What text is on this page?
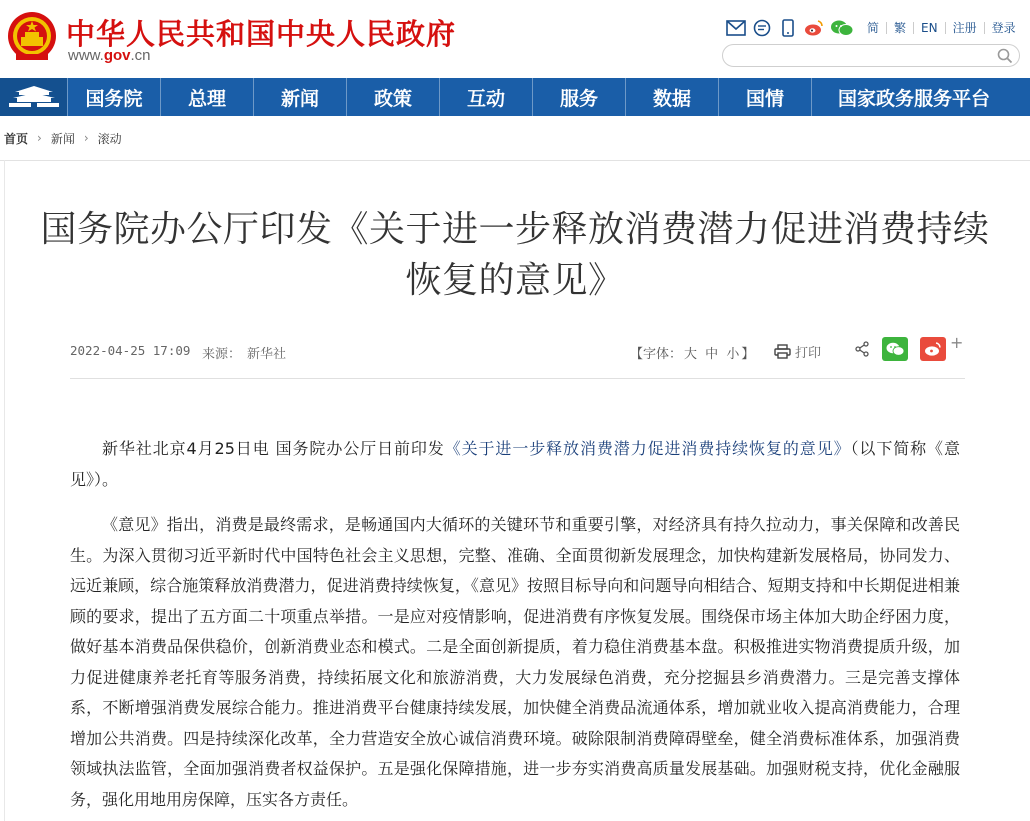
中华人民共和国中央人民政府
www.gov.cn
简	繁	EN	注册	登录
国务院	总理	新闻	政策	互动	服务	数据	国情	国家政务服务平台
首页 › 新闻 › 滚动
国务院办公厅印发《关于进一步释放消费潜力促进消费持续恢复的意见》
2022-04-25 17:09 来源： 新华社	【字体： 大 中 小 】	打印
+

新华社北京4月25日电 国务院办公厅日前印发《关于进一步释放消费潜力促进消费持续恢复的意见》（以下简称《意见》）。

《意见》指出，消费是最终需求，是畅通国内大循环的关键环节和重要引擎，对经济具有持久拉动力，事关保障和改善民生。为深入贯彻习近平新时代中国特色社会主义思想，完整、准确、全面贯彻新发展理念，加快构建新发展格局，协同发力、远近兼顾，综合施策释放消费潜力，促进消费持续恢复，《意见》按照目标导向和问题导向相结合、短期支持和中长期促进相兼顾的要求，提出了五方面二十项重点举措。一是应对疫情影响，促进消费有序恢复发展。围绕保市场主体加大助企纾困力度，做好基本消费品保供稳价，创新消费业态和模式。二是全面创新提质，着力稳住消费基本盘。积极推进实物消费提质升级，加力促进健康养老托育等服务消费，持续拓展文化和旅游消费，大力发展绿色消费，充分挖掘县乡消费潜力。三是完善支撑体系，不断增强消费发展综合能力。推进消费平台健康持续发展，加快健全消费品流通体系，增加就业收入提高消费能力，合理增加公共消费。四是持续深化改革，全力营造安全放心诚信消费环境。破除限制消费障碍壁垒，健全消费标准体系，加强消费领域执法监管，全面加强消费者权益保护。五是强化保障措施，进一步夯实消费高质量发展基础。加强财税支持，优化金融服务，强化用地用房保障，压实各方责任。
